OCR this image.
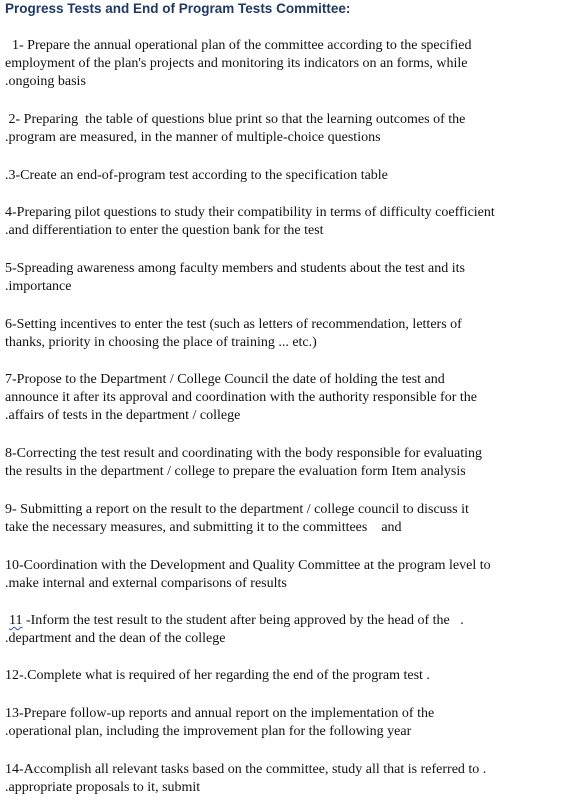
Progress Tests and End of Program Tests Committee:
1- Prepare the annual operational plan of the committee according to the specified
employment of the plan's projects and monitoring its indicators on an forms, while
.ongoing basis
2- Preparing  the table of questions blue print so that the learning outcomes of the
.program are measured, in the manner of multiple-choice questions
.3-Create an end-of-program test according to the specification table
4-Preparing pilot questions to study their compatibility in terms of difficulty coefficient
.and differentiation to enter the question bank for the test
5-Spreading awareness among faculty members and students about the test and its
.importance
6-Setting incentives to enter the test (such as letters of recommendation, letters of
thanks, priority in choosing the place of training ... etc.)
7-Propose to the Department / College Council the date of holding the test and
announce it after its approval and coordination with the authority responsible for the
.affairs of tests in the department / college
8-Correcting the test result and coordinating with the body responsible for evaluating
the results in the department / college to prepare the evaluation form Item analysis
9- Submitting a report on the result to the department / college council to discuss it
take the necessary measures, and submitting it to the committees    and
10-Coordination with the Development and Quality Committee at the program level to
.make internal and external comparisons of results
11 -Inform the test result to the student after being approved by the head of the   .
.department and the dean of the college
12-.Complete what is required of her regarding the end of the program test .
13-Prepare follow-up reports and annual report on the implementation of the
.operational plan, including the improvement plan for the following year
14-Accomplish all relevant tasks based on the committee, study all that is referred to .
.appropriate proposals to it, submit
